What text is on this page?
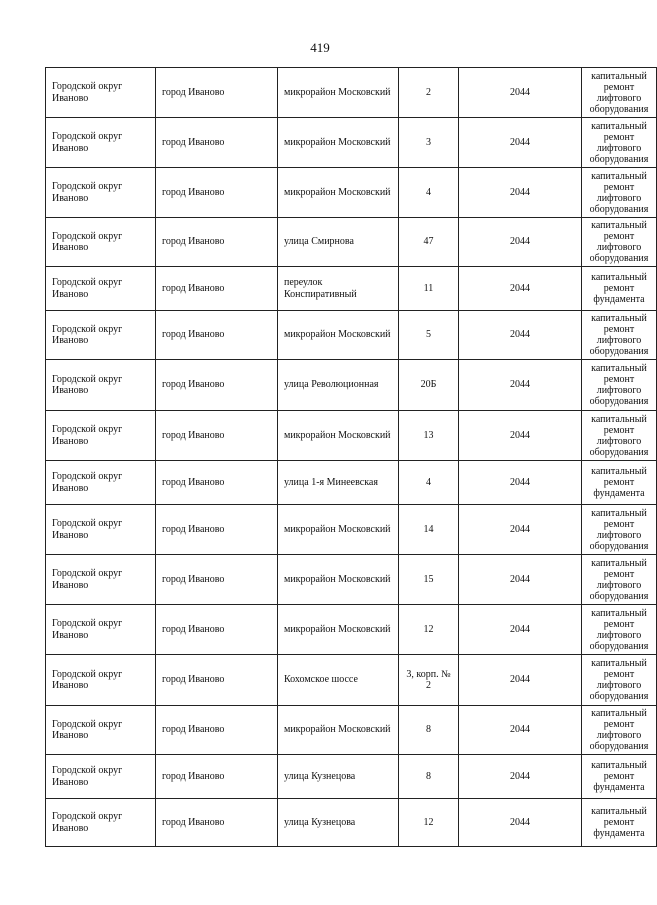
419
Городской округ Иваново	город Иваново	микрорайон Московский	2	2044	капитальный ремонт лифтового оборудования
Городской округ Иваново	город Иваново	микрорайон Московский	3	2044	капитальный ремонт лифтового оборудования
Городской округ Иваново	город Иваново	микрорайон Московский	4	2044	капитальный ремонт лифтового оборудования
Городской округ Иваново	город Иваново	улица Смирнова	47	2044	капитальный ремонт лифтового оборудования
Городской округ Иваново	город Иваново	переулок Конспиративный	11	2044	капитальный ремонт фундамента
Городской округ Иваново	город Иваново	микрорайон Московский	5	2044	капитальный ремонт лифтового оборудования
Городской округ Иваново	город Иваново	улица Революционная	20Б	2044	капитальный ремонт лифтового оборудования
Городской округ Иваново	город Иваново	микрорайон Московский	13	2044	капитальный ремонт лифтового оборудования
Городской округ Иваново	город Иваново	улица 1-я Минеевская	4	2044	капитальный ремонт фундамента
Городской округ Иваново	город Иваново	микрорайон Московский	14	2044	капитальный ремонт лифтового оборудования
Городской округ Иваново	город Иваново	микрорайон Московский	15	2044	капитальный ремонт лифтового оборудования
Городской округ Иваново	город Иваново	микрорайон Московский	12	2044	капитальный ремонт лифтового оборудования
Городской округ Иваново	город Иваново	Кохомское шоссе	3, корп. № 2	2044	капитальный ремонт лифтового оборудования
Городской округ Иваново	город Иваново	микрорайон Московский	8	2044	капитальный ремонт лифтового оборудования
Городской округ Иваново	город Иваново	улица Кузнецова	8	2044	капитальный ремонт фундамента
Городской округ Иваново	город Иваново	улица Кузнецова	12	2044	капитальный ремонт фундамента
